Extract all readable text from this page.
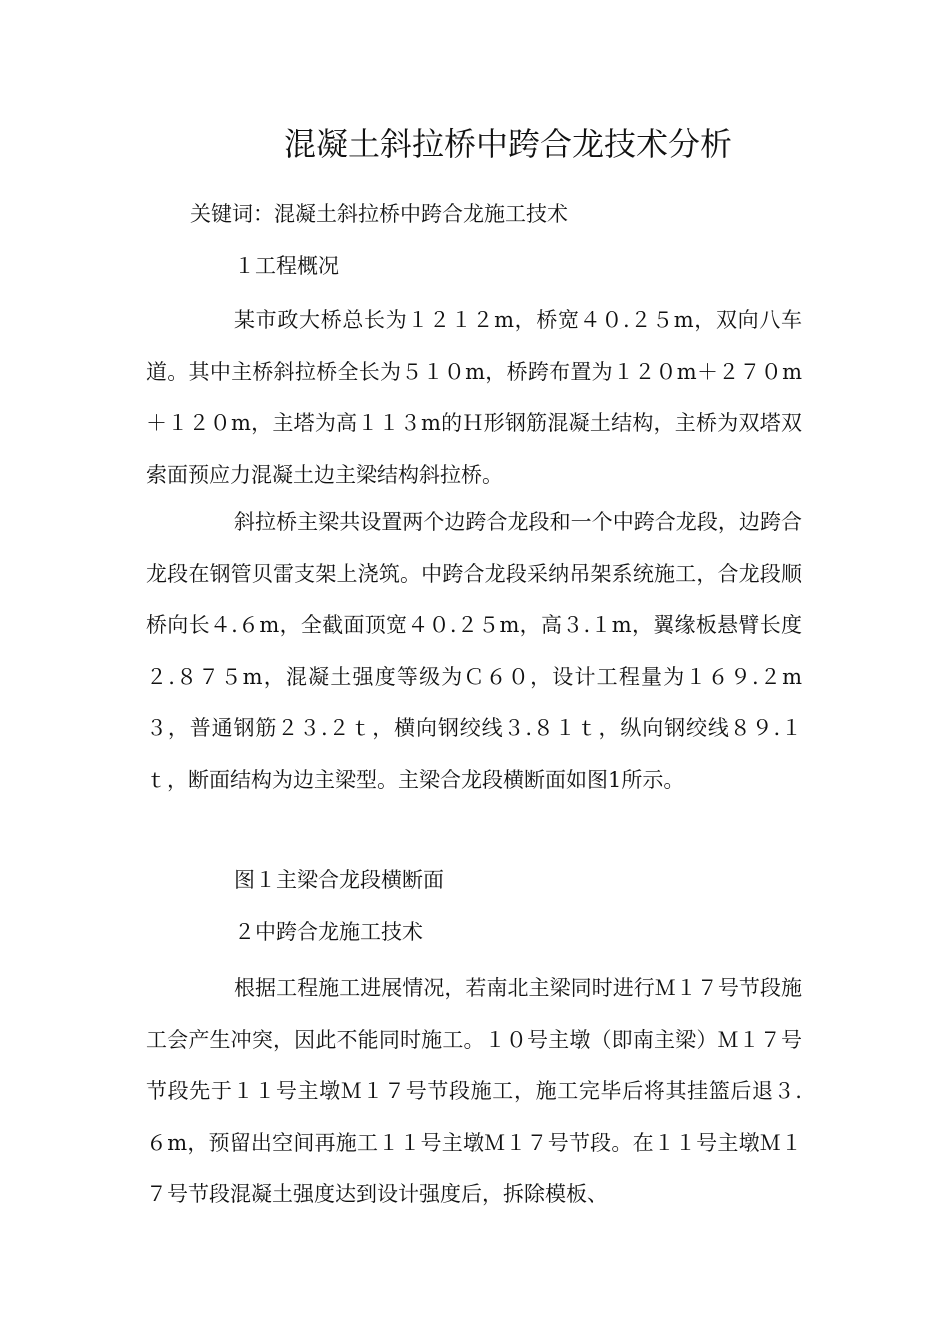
混凝土斜拉桥中跨合龙技术分析
关键词：混凝土斜拉桥中跨合龙施工技术
１工程概况

某市政大桥总长为１２１２m，桥宽４０.２５m，双向八车道。其中主桥斜拉桥全长为５１０m，桥跨布置为１２０m＋２７０m＋１２０m，主塔为高１１３m的Ｈ形钢筋混凝土结构，主桥为双塔双索面预应力混凝土边主梁结构斜拉桥。

斜拉桥主梁共设置两个边跨合龙段和一个中跨合龙段，边跨合龙段在钢管贝雷支架上浇筑。中跨合龙段采纳吊架系统施工，合龙段顺桥向长４.６m，全截面顶宽４０.２５m，高３.１m，翼缘板悬臂长度２.８７５m，混凝土强度等级为Ｃ６０，设计工程量为１６９.２m３，普通钢筋２３.２ｔ，横向钢绞线３.８１ｔ，纵向钢绞线８９.１ｔ，断面结构为边主梁型。主梁合龙段横断面如图1所示。

图１主梁合龙段横断面
２中跨合龙施工技术

根据工程施工进展情况，若南北主梁同时进行Ｍ１７号节段施工会产生冲突，因此不能同时施工。１０号主墩（即南主梁）Ｍ１７号节段先于１１号主墩Ｍ１７号节段施工，施工完毕后将其挂篮后退３.６m，预留出空间再施工１１号主墩Ｍ１７号节段。在１１号主墩Ｍ１７号节段混凝土强度达到设计强度后，拆除模板、
